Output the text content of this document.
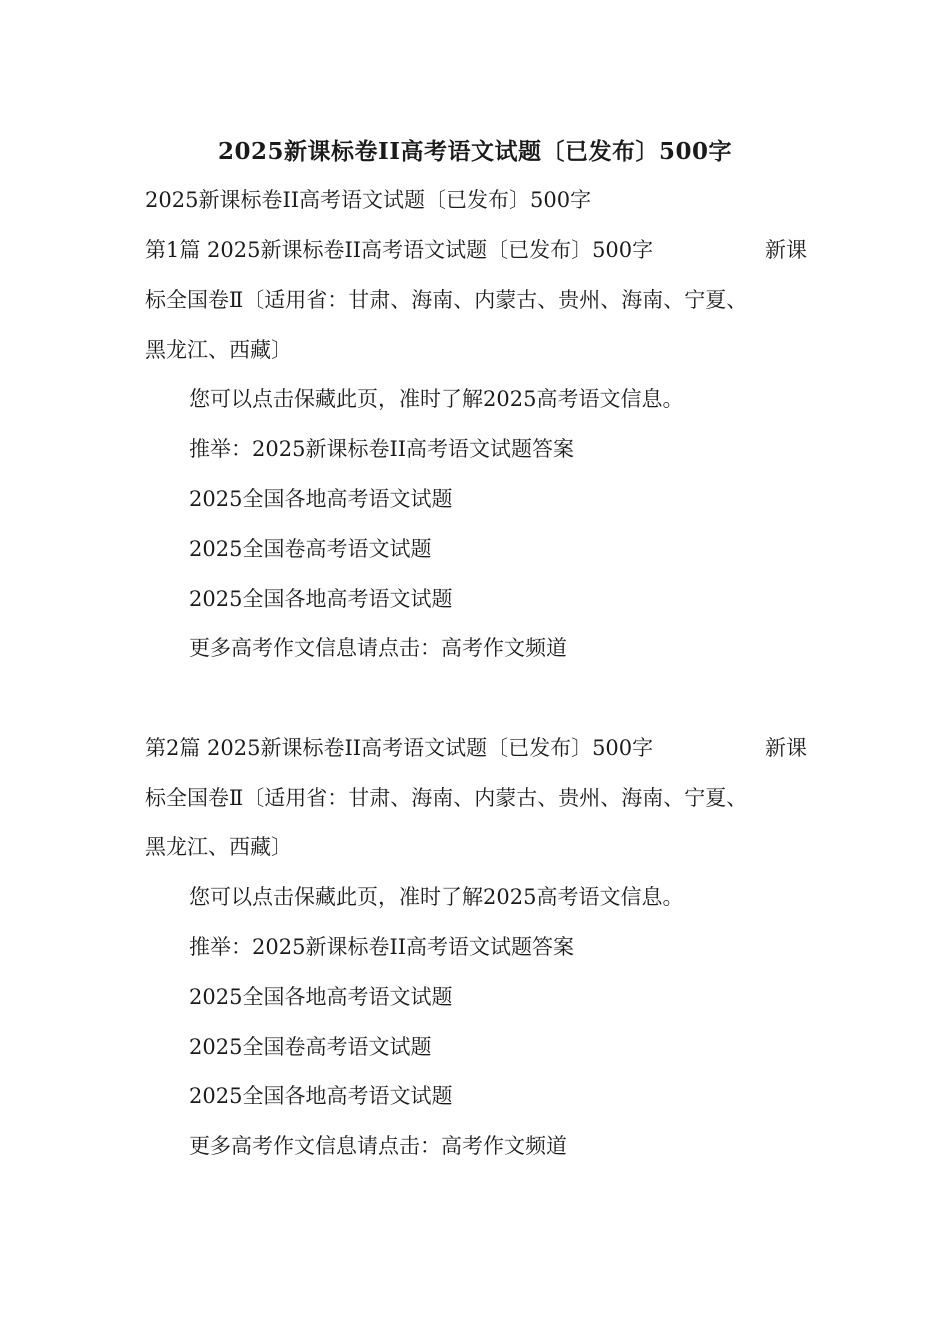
2025新课标卷II高考语文试题〔已发布〕500字
2025新课标卷II高考语文试题〔已发布〕500字
第1篇 2025新课标卷II高考语文试题〔已发布〕500字	新课
标全国卷Ⅱ〔适用省：甘肃、海南、内蒙古、贵州、海南、宁夏、
黑龙江、西藏〕
您可以点击保藏此页，准时了解2025高考语文信息。
推举：2025新课标卷II高考语文试题答案
2025全国各地高考语文试题
2025全国卷高考语文试题
2025全国各地高考语文试题
更多高考作文信息请点击：高考作文频道
第2篇 2025新课标卷II高考语文试题〔已发布〕500字	新课
标全国卷Ⅱ〔适用省：甘肃、海南、内蒙古、贵州、海南、宁夏、
黑龙江、西藏〕
您可以点击保藏此页，准时了解2025高考语文信息。
推举：2025新课标卷II高考语文试题答案
2025全国各地高考语文试题
2025全国卷高考语文试题
2025全国各地高考语文试题
更多高考作文信息请点击：高考作文频道
